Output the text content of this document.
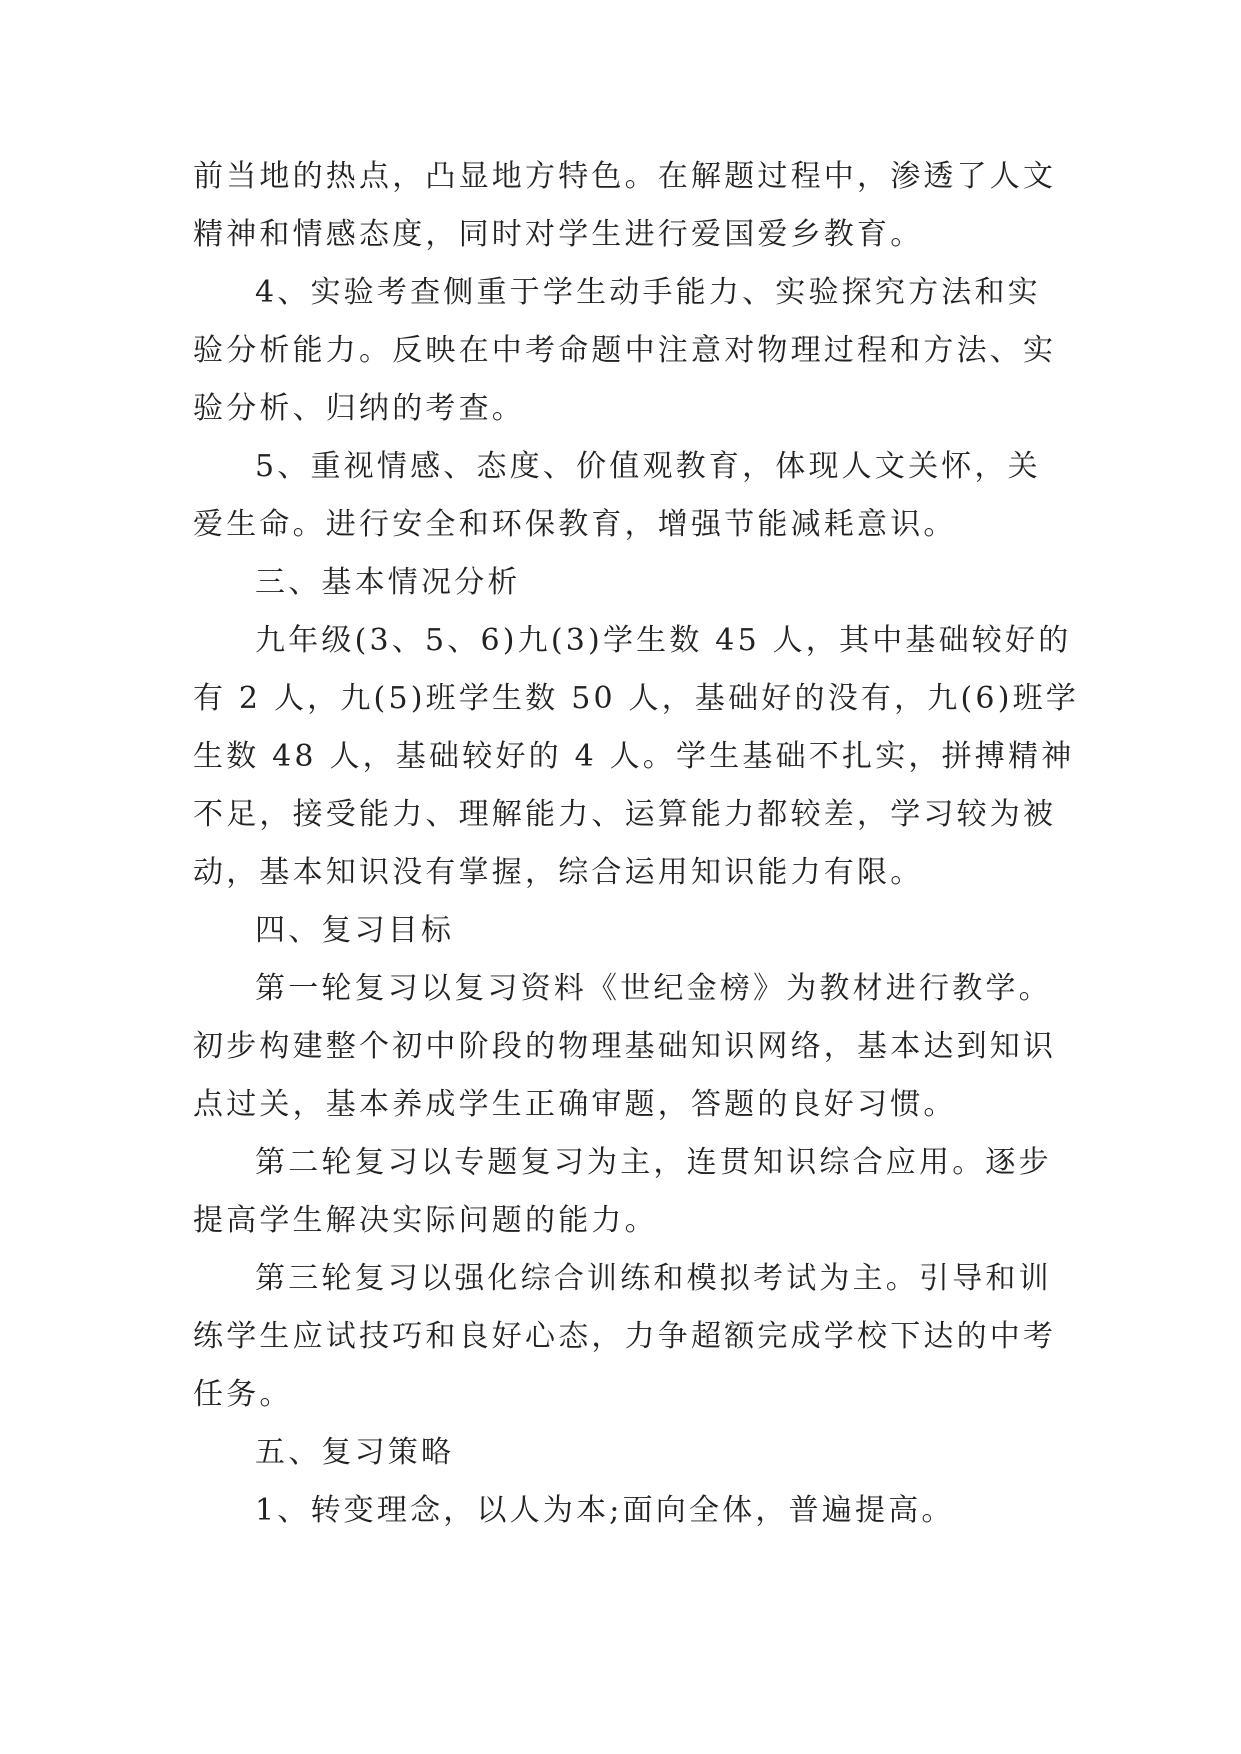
前当地的热点，凸显地方特色。在解题过程中，渗透了人文
精神和情感态度，同时对学生进行爱国爱乡教育。
4、实验考查侧重于学生动手能力、实验探究方法和实
验分析能力。反映在中考命题中注意对物理过程和方法、实
验分析、归纳的考查。
5、重视情感、态度、价值观教育，体现人文关怀，关
爱生命。进行安全和环保教育，增强节能减耗意识。
三、基本情况分析
九年级(3、5、6)九(3)学生数 45 人，其中基础较好的
有 2 人，九(5)班学生数 50 人，基础好的没有，九(6)班学
生数 48 人，基础较好的 4 人。学生基础不扎实，拼搏精神
不足，接受能力、理解能力、运算能力都较差，学习较为被
动，基本知识没有掌握，综合运用知识能力有限。
四、复习目标
第一轮复习以复习资料《世纪金榜》为教材进行教学。
初步构建整个初中阶段的物理基础知识网络，基本达到知识
点过关，基本养成学生正确审题，答题的良好习惯。
第二轮复习以专题复习为主，连贯知识综合应用。逐步
提高学生解决实际问题的能力。
第三轮复习以强化综合训练和模拟考试为主。引导和训
练学生应试技巧和良好心态，力争超额完成学校下达的中考
任务。
五、复习策略
1、转变理念，以人为本;面向全体，普遍提高。
